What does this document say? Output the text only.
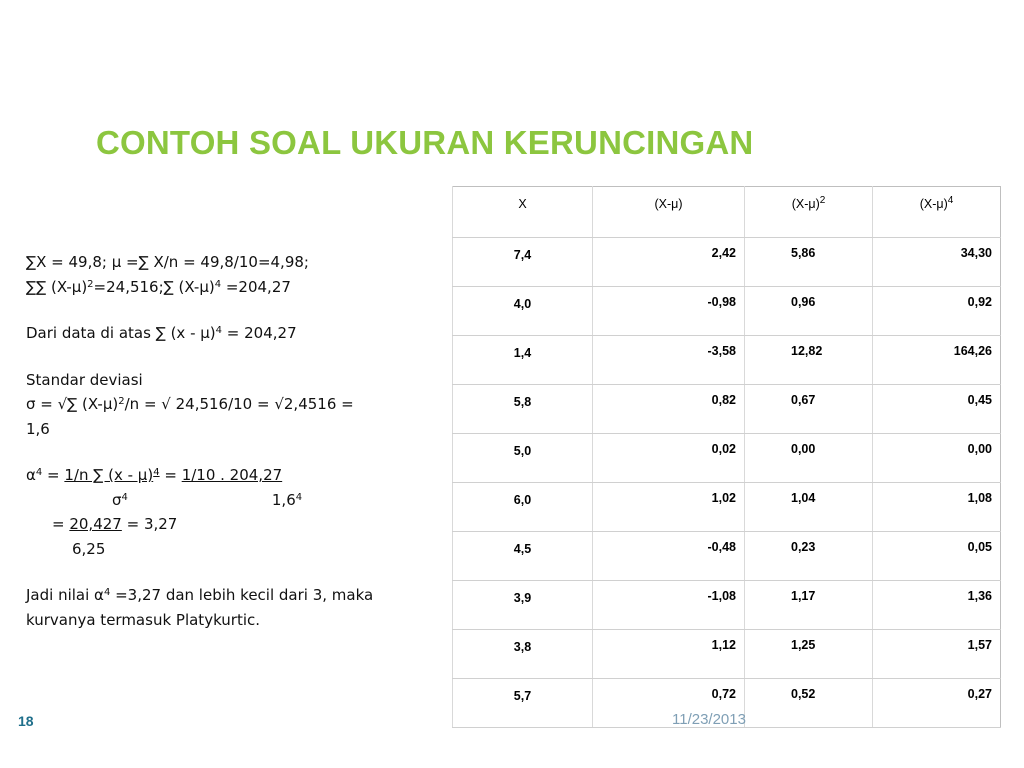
CONTOH SOAL UKURAN KERUNCINGAN
∑X = 49,8; μ =∑ X/n = 49,8/10=4,98;
∑∑ $(X-\mu)^2=24,516;\sum$ $(X-\mu)^4 =204,27$
Dari data di atas ∑ (x - μ)$^4$ = 204,27
Standar deviasi
σ = √∑ $(X-\mu)^2/n$ = √ 24,516/10 = √2,4516 =
1,6
$\alpha^4 = 1/n$ ∑ (x - μ)$^4$ = 1/10 . 204,27
$\sigma^4$	$1,6^4$
= 20,427 = 3,27
6,25
Jadi nilai $\alpha^4 =3,27$ dan lebih kecil dari 3, maka kurvanya termasuk Platykurtic.
X	(X-μ)	$(X-\mu)^2$	$(X-\mu)^4$
7,4	2,42	5,86	34,30
4,0	-0,98	0,96	0,92
1,4	-3,58	12,82	164,26
5,8	0,82	0,67	0,45
5,0	0,02	0,00	0,00
6,0	1,02	1,04	1,08
4,5	-0,48	0,23	0,05
3,9	-1,08	1,17	1,36
3,8	1,12	1,25	1,57
5,7	0,72	0,52	0,27
18	11/23/2013
